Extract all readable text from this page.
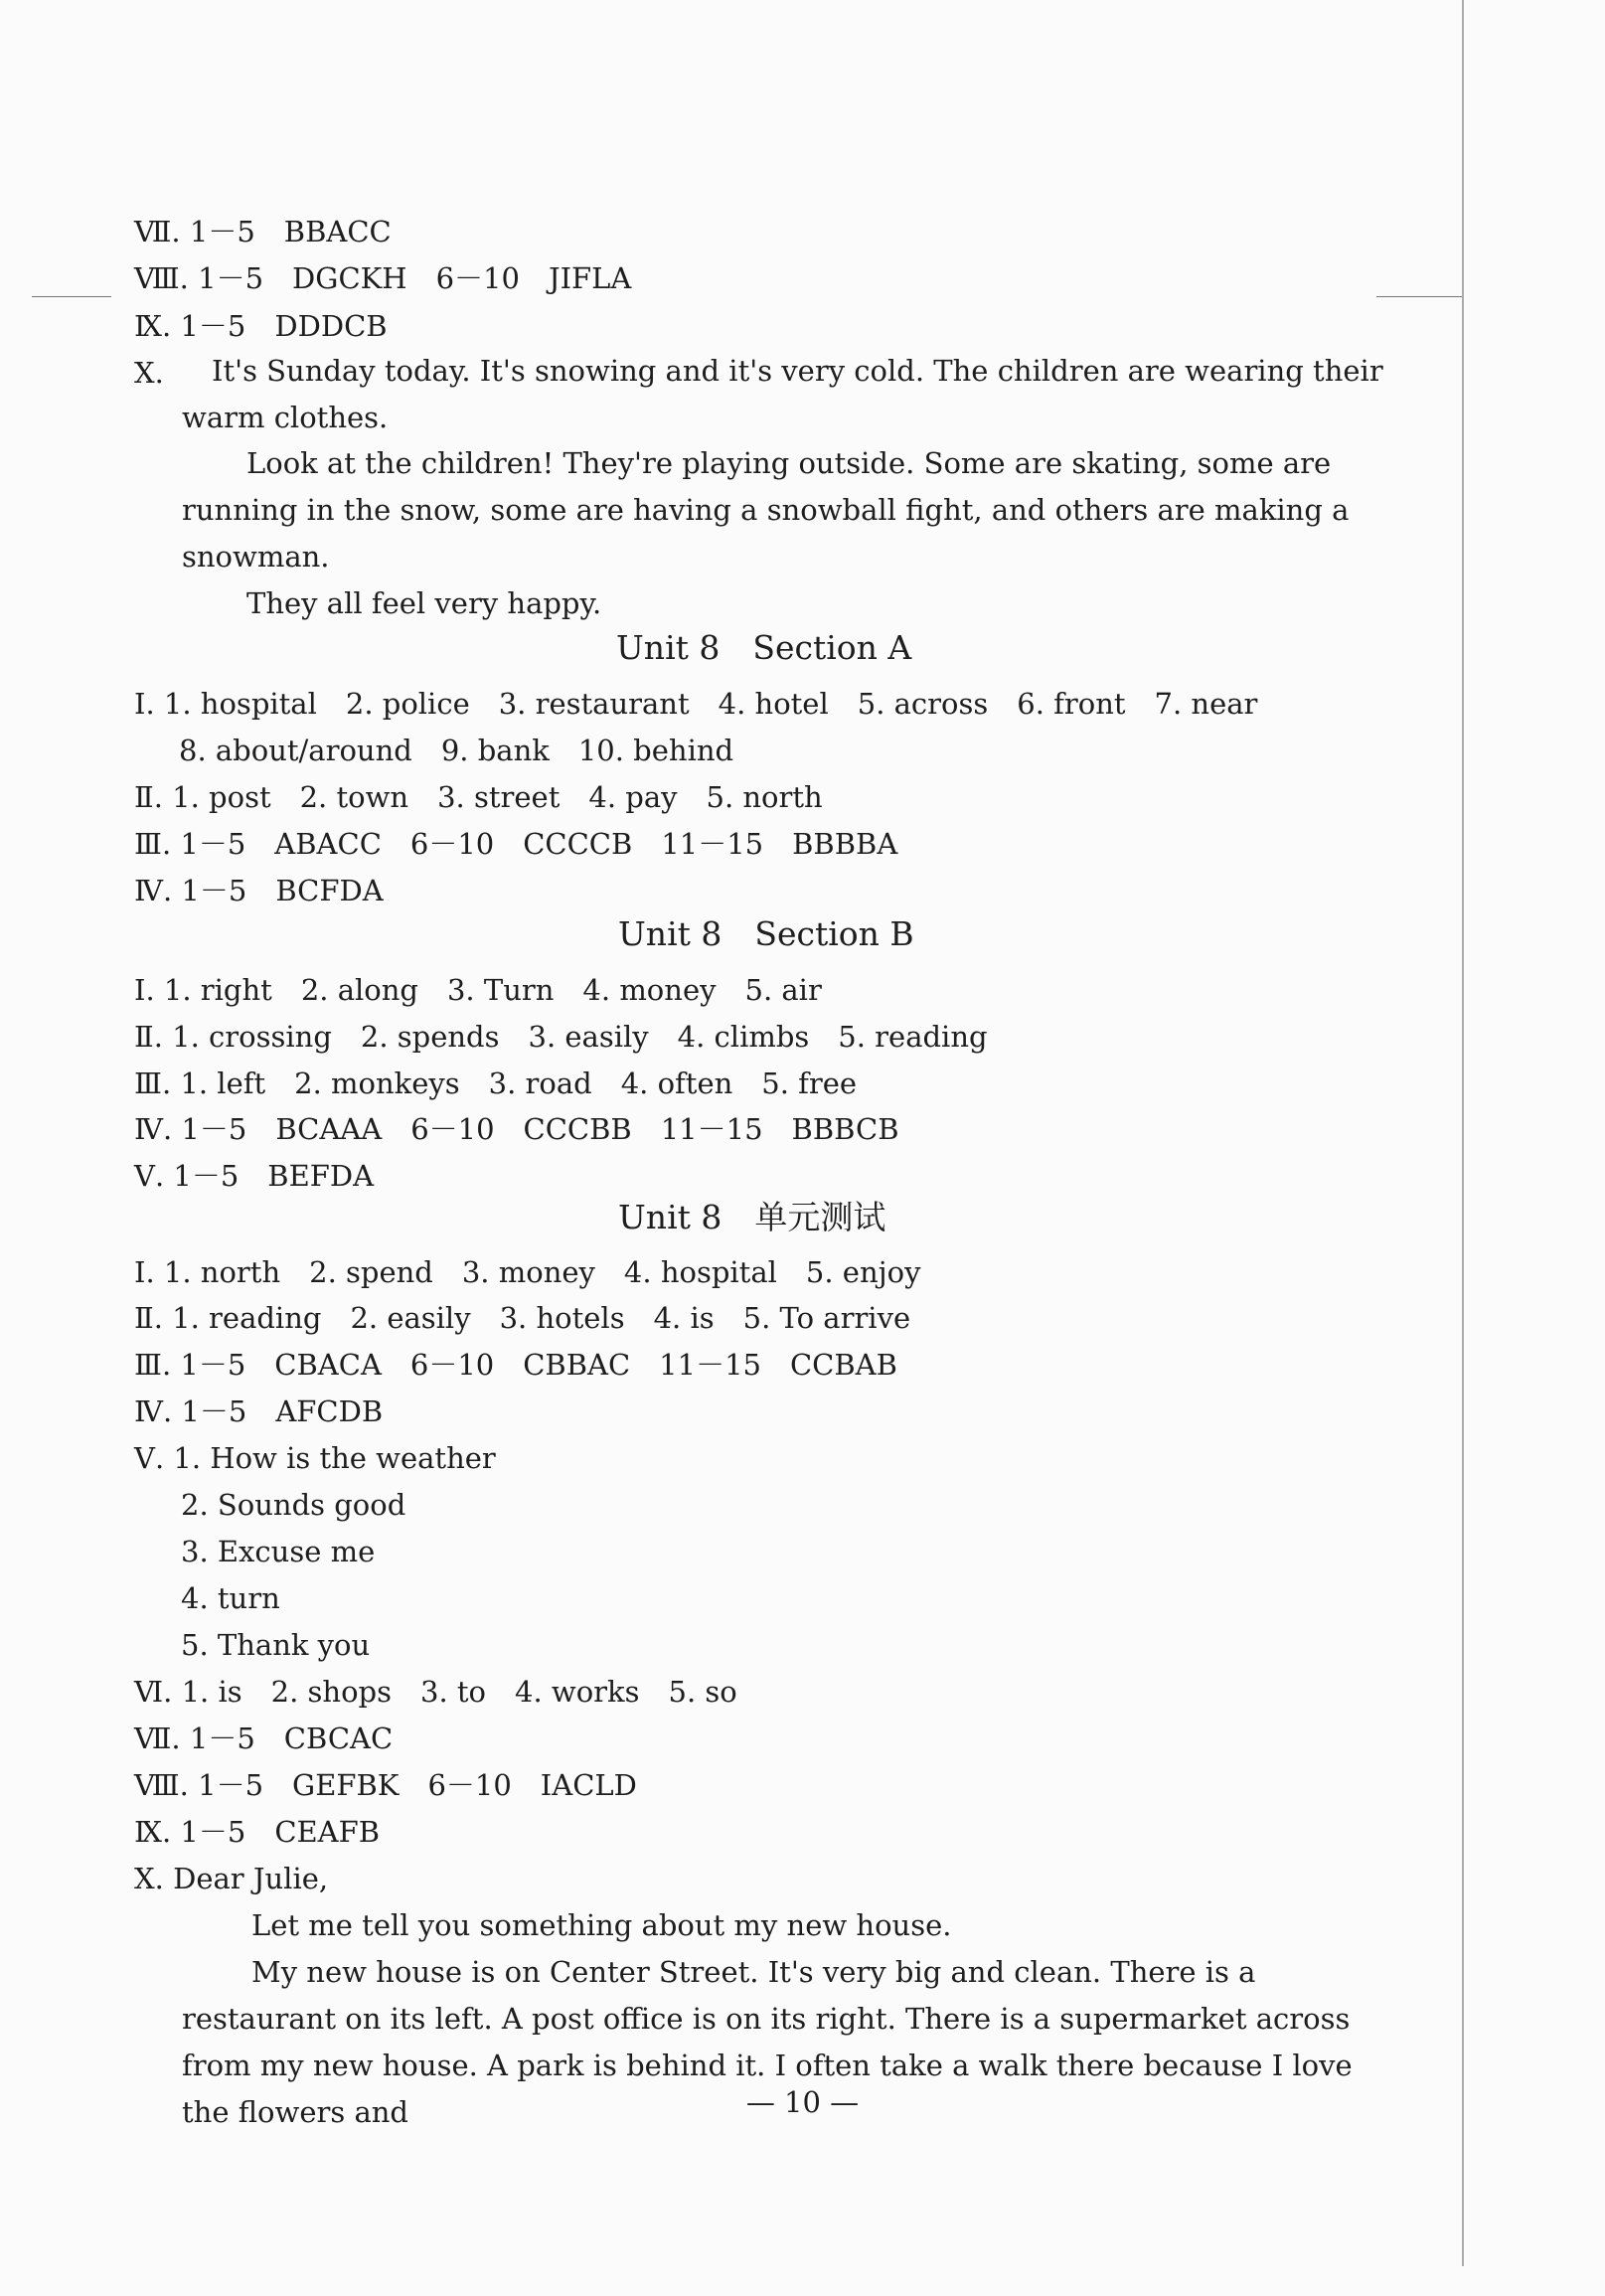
Ⅶ. 1－5　BBACC
Ⅷ. 1－5　DGCKH　6－10　JIFLA
Ⅸ. 1－5　DDDCB
Ⅹ.	It's Sunday today. It's snowing and it's very cold. The children are wearing their warm clothes.
Look at the children! They're playing outside. Some are skating, some are running in the snow, some are having a snowball fight, and others are making a snowman.
They all feel very happy.
Unit 8　Section A
Ⅰ. 1. hospital　2. police　3. restaurant　4. hotel　5. across　6. front　7. near
8. about/around　9. bank　10. behind
Ⅱ. 1. post　2. town　3. street　4. pay　5. north
Ⅲ. 1－5　ABACC　6－10　CCCCB　11－15　BBBBA
Ⅳ. 1－5　BCFDA
Unit 8　Section B
Ⅰ. 1. right　2. along　3. Turn　4. money　5. air
Ⅱ. 1. crossing　2. spends　3. easily　4. climbs　5. reading
Ⅲ. 1. left　2. monkeys　3. road　4. often　5. free
Ⅳ. 1－5　BCAAA　6－10　CCCBB　11－15　BBBCB
Ⅴ. 1－5　BEFDA
Unit 8　单元测试
Ⅰ. 1. north　2. spend　3. money　4. hospital　5. enjoy
Ⅱ. 1. reading　2. easily　3. hotels　4. is　5. To arrive
Ⅲ. 1－5　CBACA　6－10　CBBAC　11－15　CCBAB
Ⅳ. 1－5　AFCDB
Ⅴ. 1. How is the weather
2. Sounds good
3. Excuse me
4. turn
5. Thank you
Ⅵ. 1. is　2. shops　3. to　4. works　5. so
Ⅶ. 1－5　CBCAC
Ⅷ. 1－5　GEFBK　6－10　IACLD
Ⅸ. 1－5　CEAFB
Ⅹ. Dear Julie,
Let me tell you something about my new house.
My new house is on Center Street. It's very big and clean. There is a restaurant on its left. A post office is on its right. There is a supermarket across from my new house. A park is behind it. I often take a walk there because I love the flowers and	— 10 —
